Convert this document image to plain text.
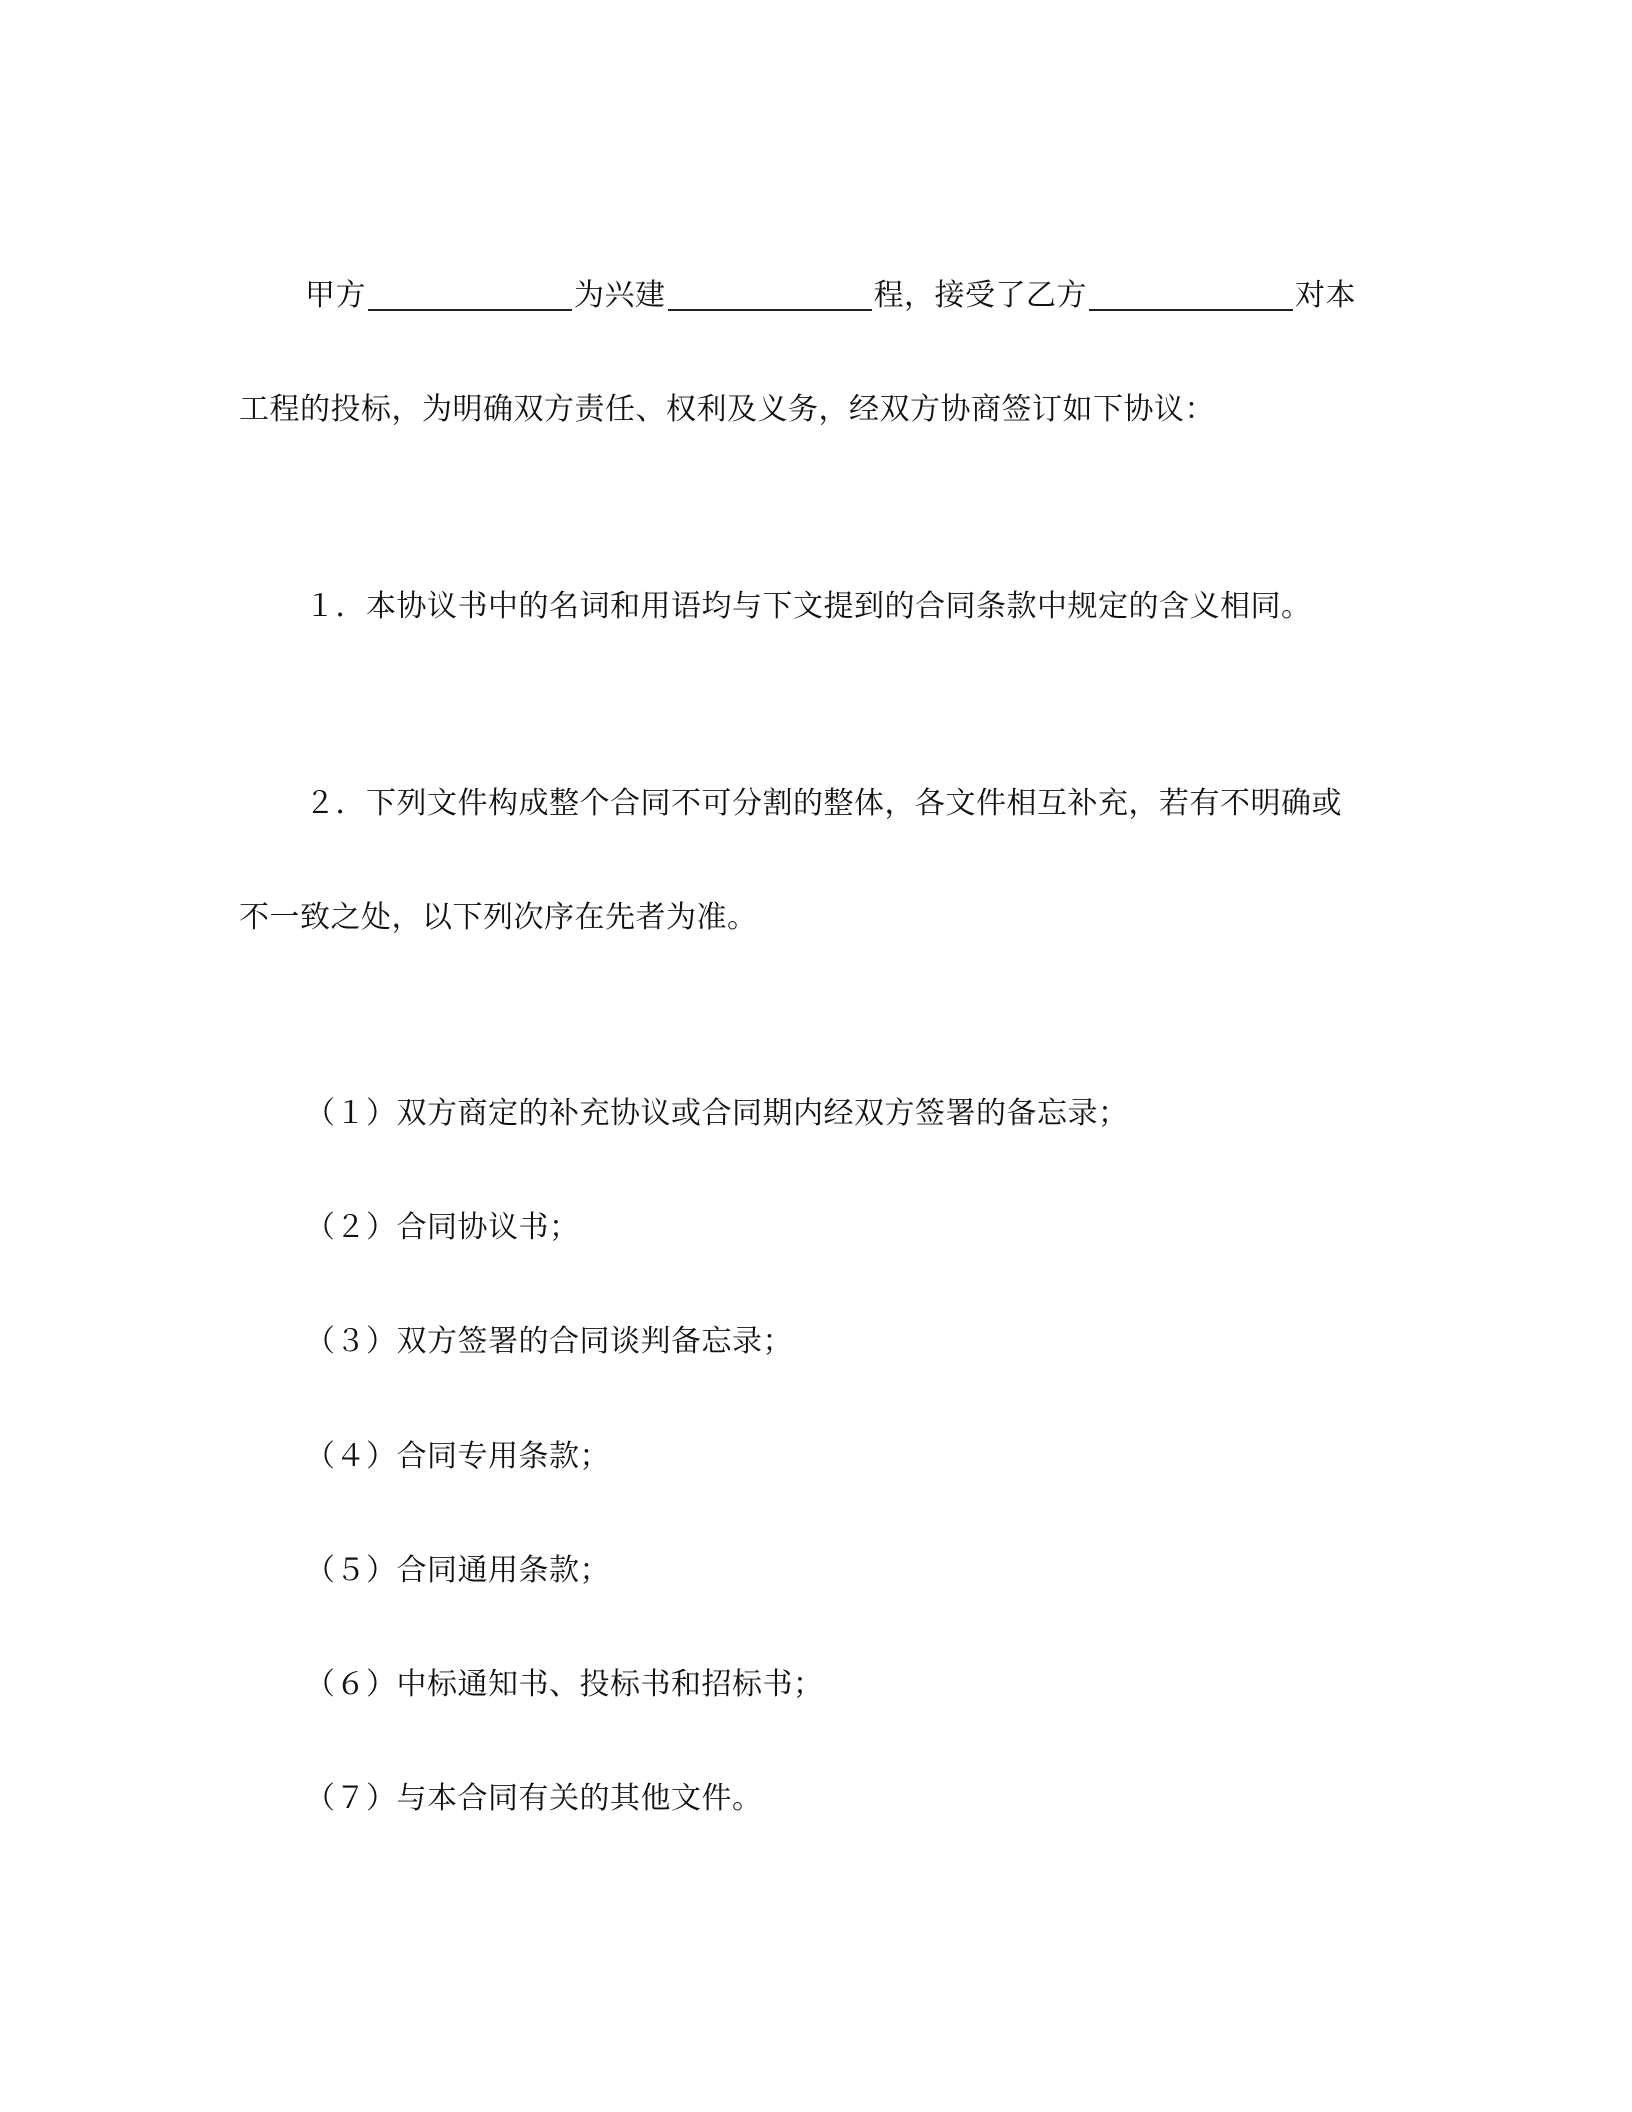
甲方	为兴建	程，接受了乙方	对本
工程的投标，为明确双方责任、权利及义务，经双方协商签订如下协议：
１．本协议书中的名词和用语均与下文提到的合同条款中规定的含义相同。
２．下列文件构成整个合同不可分割的整体，各文件相互补充，若有不明确或
不一致之处，以下列次序在先者为准。
（１）双方商定的补充协议或合同期内经双方签署的备忘录；
（２）合同协议书；
（３）双方签署的合同谈判备忘录；
（４）合同专用条款；
（５）合同通用条款；
（６）中标通知书、投标书和招标书；
（７）与本合同有关的其他文件。
